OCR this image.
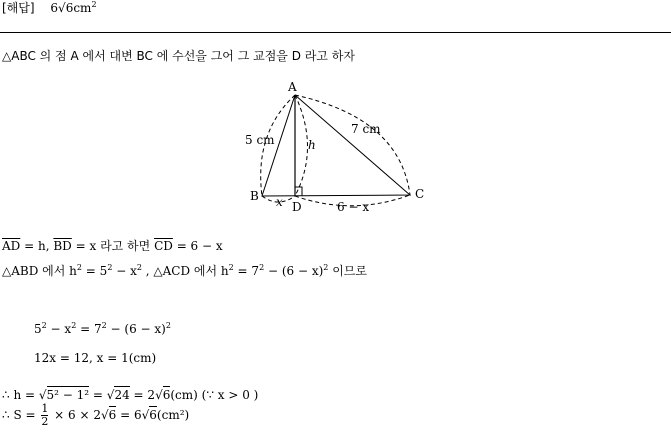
[해답] $6√6cm^2$
△ABC 의 점 A 에서 대변 BC 에 수선을 그어 그 교점을 D 라고 하자
A
B
D
C
5 cm
7 cm
h
x	6 − x
$\overline{AD} = h$, $\overline{BD} = x$ 라고 하면 $\overline{CD} = 6 - x$
△ABD 에서 $h^2 = 5^2 - x^2$ , △ACD 에서 $h^2 = 7^2 - (6 - x)^2$ 이므로
$5^2 - x^2 = 7^2 - (6 - x)^2$
12x = 12, x = 1(cm)
∴ h = √5² − 1² = √24 = 2√6(cm) (∵ x > 0 )
∴ $S = \frac{1}{2} \times 6 \times 2√6 = 6√6(cm^2)$
